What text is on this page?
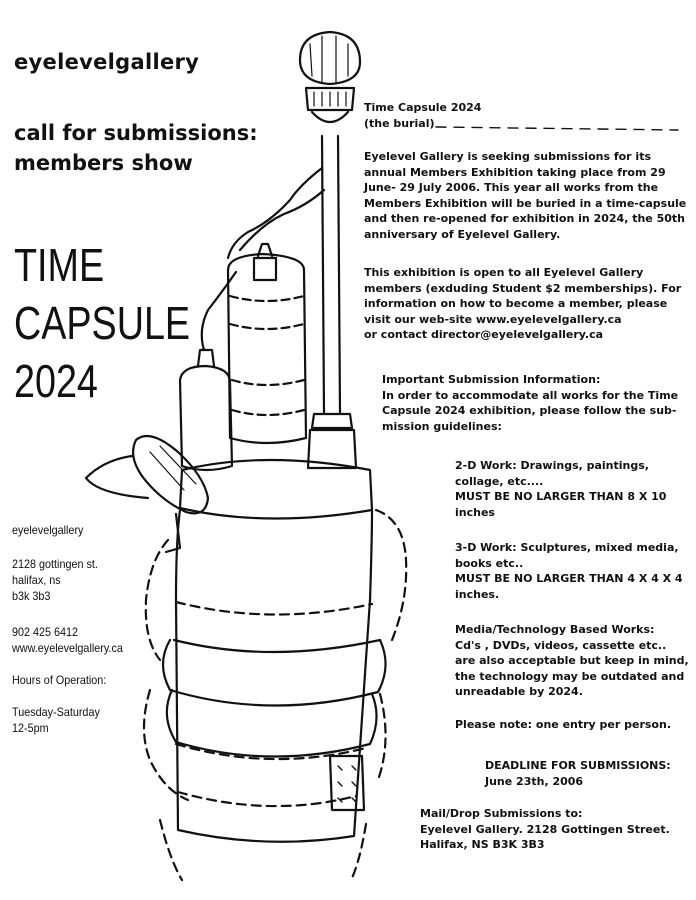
eyelevelgallery
call for submissions:
members show
TIME
CAPSULE
2024
eyelevelgallery
2128 gottingen st.
halifax, ns
b3k 3b3
902 425 6412
www.eyelevelgallery.ca
Hours of Operation:
Tuesday-Saturday
12-5pm
Time Capsule 2024
(the burial)
Eyelevel Gallery is seeking submissions for its
annual Members Exhibition taking place from 29
June- 29 July 2006. This year all works from the
Members Exhibition will be buried in a time-capsule
and then re-opened for exhibition in 2024, the 50th
anniversary of Eyelevel Gallery.
This exhibition is open to all Eyelevel Gallery
members (exduding Student $2 memberships). For
information on how to become a member, please
visit our web-site www.eyelevelgallery.ca
or contact director@eyelevelgallery.ca
Important Submission Information:
In order to accommodate all works for the Time
Capsule 2024 exhibition, please follow the sub-
mission guidelines:
2-D Work: Drawings, paintings,
collage, etc....
MUST BE NO LARGER THAN 8 X 10
inches
3-D Work: Sculptures, mixed media,
books etc..
MUST BE NO LARGER THAN 4 X 4 X 4
inches.
Media/Technology Based Works:
Cd's , DVDs, videos, cassette etc..
are also acceptable but keep in mind,
the technology may be outdated and
unreadable by 2024.
Please note: one entry per person.
DEADLINE FOR SUBMISSIONS:
June 23th, 2006
Mail/Drop Submissions to:
Eyelevel Gallery. 2128 Gottingen Street.
Halifax, NS B3K 3B3
